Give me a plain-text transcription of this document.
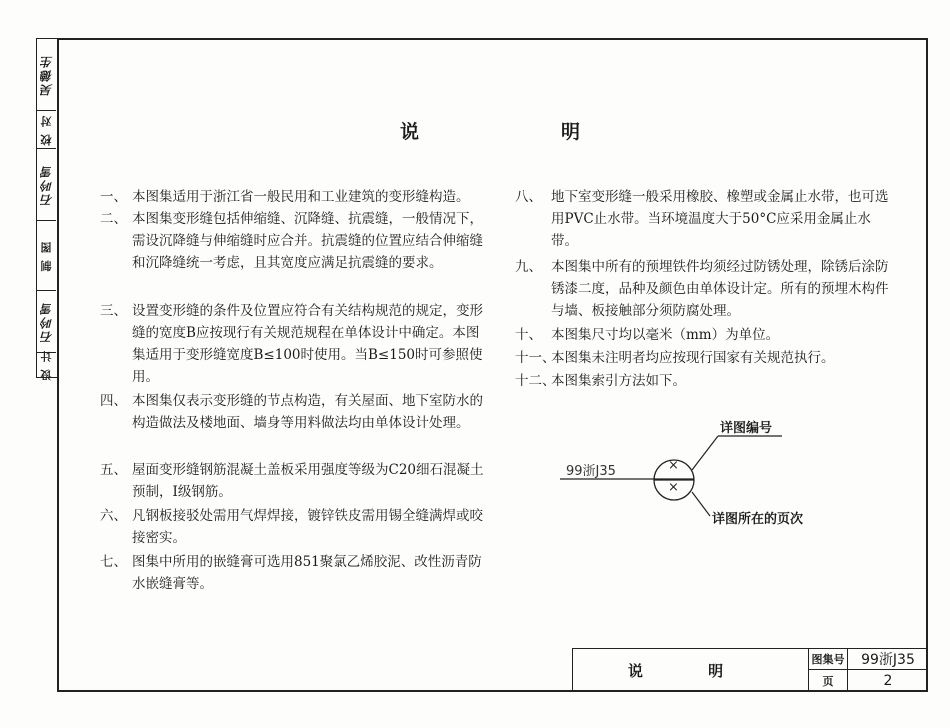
吴德生
校 对
石吟雪
制 图
石吟雪
设 计
说	明
一、 本图集适用于浙江省一般民用和工业建筑的变形缝构造。
二、 本图集变形缝包括伸缩缝、沉降缝、抗震缝，一般情况下，需设沉降缝与伸缩缝时应合并。抗震缝的位置应结合伸缩缝和沉降缝统一考虑，且其宽度应满足抗震缝的要求。
三、 设置变形缝的条件及位置应符合有关结构规范的规定，变形缝的宽度B应按现行有关规范规程在单体设计中确定。本图集适用于变形缝宽度B≤100时使用。当B≤150时可参照使用。
四、 本图集仅表示变形缝的节点构造，有关屋面、地下室防水的构造做法及楼地面、墙身等用料做法均由单体设计处理。
五、 屋面变形缝钢筋混凝土盖板采用强度等级为C20细石混凝土预制，I级钢筋。
六、 凡钢板接驳处需用气焊焊接，镀锌铁皮需用锡全缝满焊或咬接密实。
七、 图集中所用的嵌缝膏可选用851聚氯乙烯胶泥、改性沥青防水嵌缝膏等。
八、 地下室变形缝一般采用橡胶、橡塑或金属止水带，也可选用PVC止水带。当环境温度大于50°C应采用金属止水带。
九、 本图集中所有的预埋铁件均须经过防锈处理，除锈后涂防锈漆二度，品种及颜色由单体设计定。所有的预埋木构件与墙、板接触部分须防腐处理。
十、 本图集尺寸均以毫米（mm）为单位。
十一、
本图集未注明者均应按现行国家有关规范执行。
十二、
本图集索引方法如下。
99浙J35	×
×
详图编号
详图所在的页次
说 明
图集号	99浙J35
页	2
